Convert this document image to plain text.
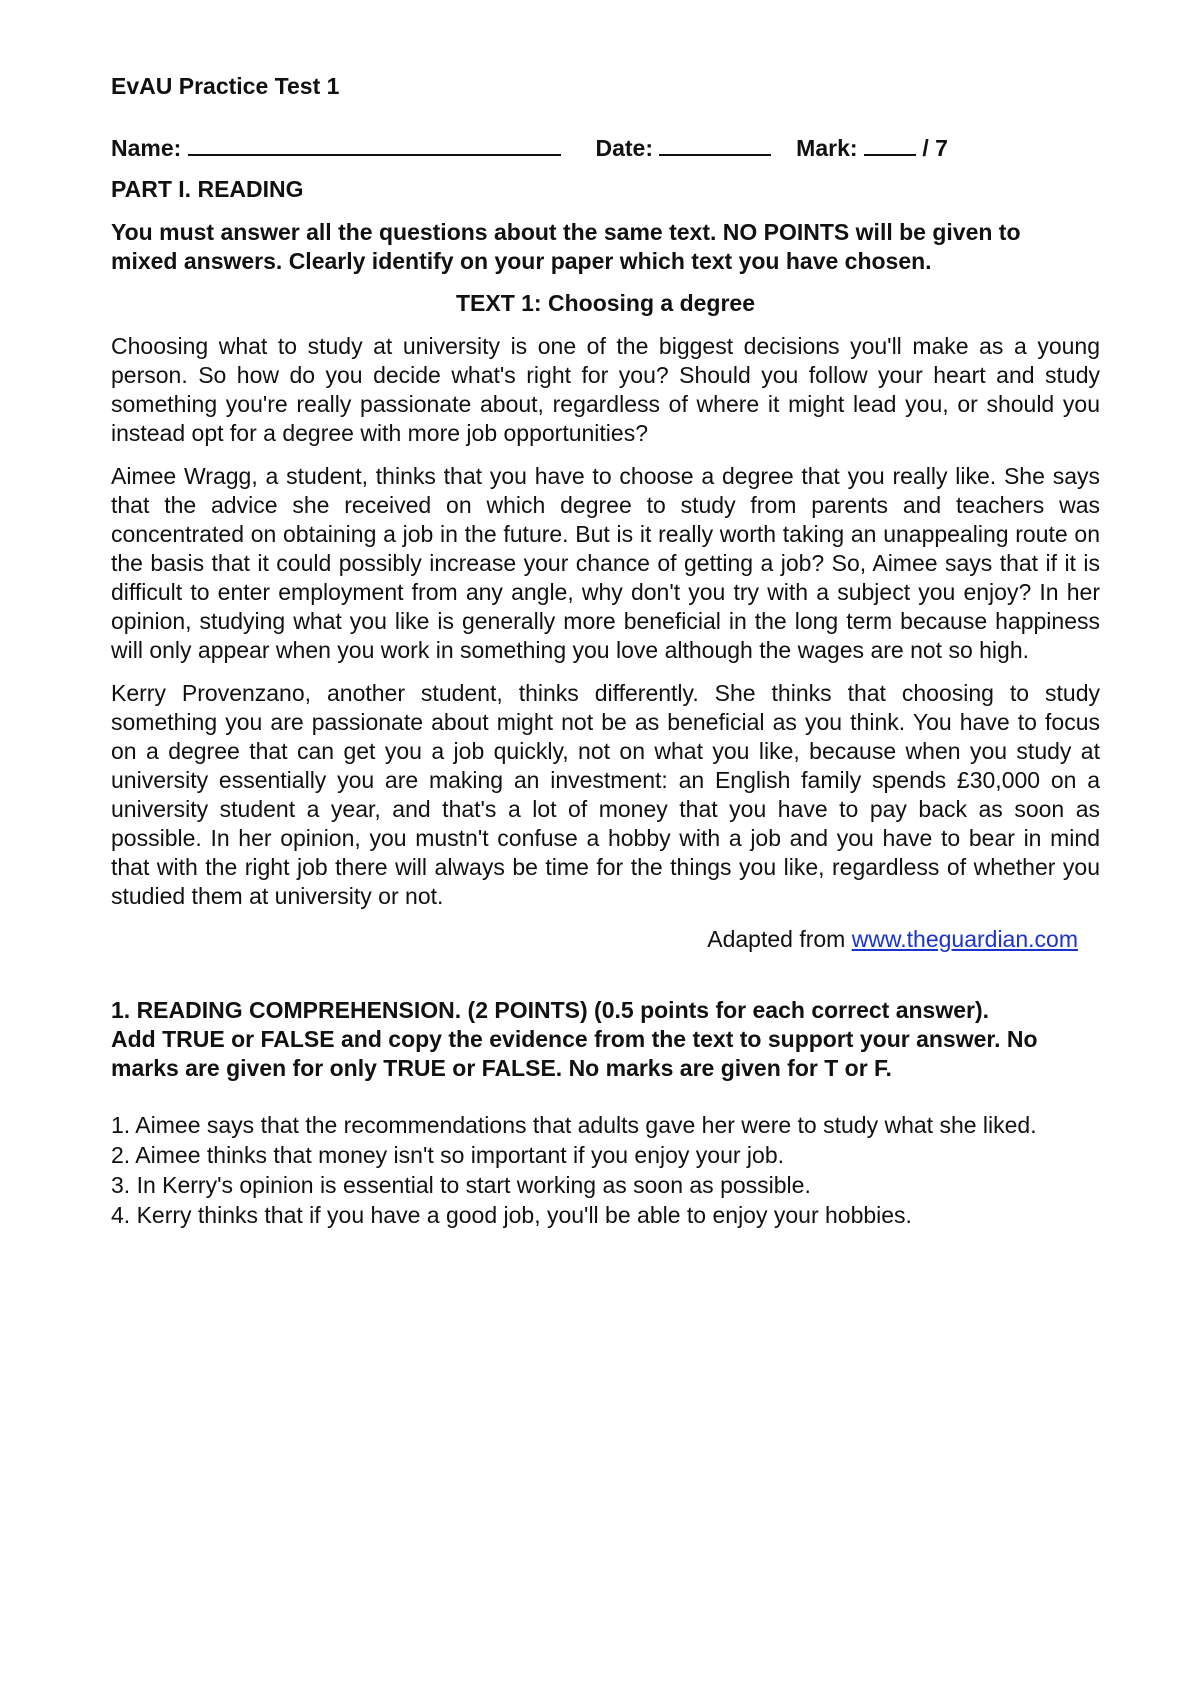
EvAU Practice Test 1

Name:	Date:	Mark:	/ 7

PART I. READING

You must answer all the questions about the same text. NO POINTS will be given to
mixed answers. Clearly identify on your paper which text you have chosen.

TEXT 1: Choosing a degree

Choosing what to study at university is one of the biggest decisions you'll make as a young person. So how do you decide what's right for you? Should you follow your heart and study something you're really passionate about, regardless of where it might lead you, or should you instead opt for a degree with more job opportunities?

Aimee Wragg, a student, thinks that you have to choose a degree that you really like. She says that the advice she received on which degree to study from parents and teachers was concentrated on obtaining a job in the future. But is it really worth taking an unappealing route on the basis that it could possibly increase your chance of getting a job? So, Aimee says that if it is difficult to enter employment from any angle, why don't you try with a subject you enjoy? In her opinion, studying what you like is generally more beneficial in the long term because happiness will only appear when you work in something you love although the wages are not so high.

Kerry Provenzano, another student, thinks differently. She thinks that choosing to study something you are passionate about might not be as beneficial as you think. You have to focus on a degree that can get you a job quickly, not on what you like, because when you study at university essentially you are making an investment: an English family spends £30,000 on a university student a year, and that's a lot of money that you have to pay back as soon as possible. In her opinion, you mustn't confuse a hobby with a job and you have to bear in mind that with the right job there will always be time for the things you like, regardless of whether you studied them at university or not.

Adapted from www.theguardian.com

1. READING COMPREHENSION. (2 POINTS) (0.5 points for each correct answer).
Add TRUE or FALSE and copy the evidence from the text to support your answer. No
marks are given for only TRUE or FALSE. No marks are given for T or F.

1. Aimee says that the recommendations that adults gave her were to study what she liked.

2. Aimee thinks that money isn't so important if you enjoy your job.

3. In Kerry's opinion is essential to start working as soon as possible.

4. Kerry thinks that if you have a good job, you'll be able to enjoy your hobbies.
